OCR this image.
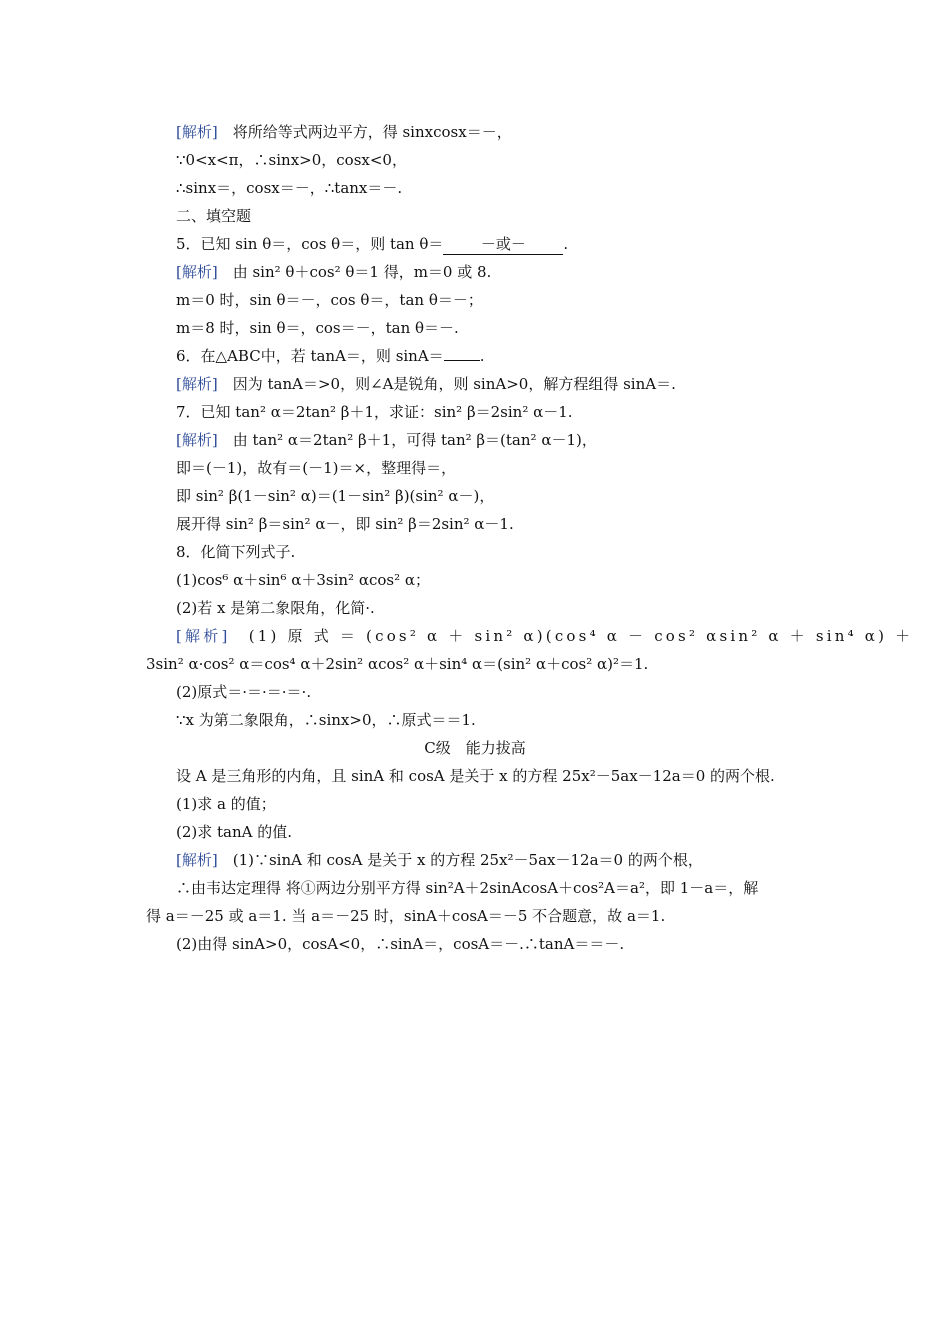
[解析]　将所给等式两边平方，得 sinxcosx＝－，
∵0<x<π，∴sinx>0，cosx<0，
∴sinx＝，cosx＝－，∴tanx＝－.
二、填空题
5．已知 sin θ＝，cos θ＝，则 tan θ＝ －或－	.
[解析]　由 sin² θ＋cos² θ＝1 得，m＝0 或 8.
m＝0 时，sin θ＝－，cos θ＝，tan θ＝－；
m＝8 时，sin θ＝，cos＝－，tan θ＝－.
6．在△ABC中，若 tanA＝，则 sinA＝ .
[解析]　因为 tanA＝>0，则∠A是锐角，则 sinA>0，解方程组得 sinA＝.
7．已知 tan² α＝2tan² β＋1，求证：sin² β＝2sin² α－1.
[解析]　由 tan² α＝2tan² β＋1，可得 tan² β＝(tan² α－1)，
即＝(－1)，故有＝(－1)＝×，整理得＝，
即 sin² β(1－sin² α)＝(1－sin² β)(sin² α－)，
展开得 sin² β＝sin² α－，即 sin² β＝2sin² α－1.
8．化简下列式子.
(1)cos⁶ α＋sin⁶ α＋3sin² αcos² α；
(2)若 x 是第二象限角，化简·.
[解析]　(1) 原 式 ＝ (cos² α ＋ sin² α)(cos⁴ α － cos² αsin² α ＋ sin⁴ α) ＋
3sin² α·cos² α＝cos⁴ α＋2sin² αcos² α＋sin⁴ α＝(sin² α＋cos² α)²＝1.
(2)原式＝·＝·＝·＝·.
∵x 为第二象限角，∴sinx>0，∴原式＝＝1.
C级　能力拔高
设 A 是三角形的内角，且 sinA 和 cosA 是关于 x 的方程 25x²－5ax－12a＝0 的两个根.
(1)求 a 的值；
(2)求 tanA 的值.
[解析]　(1)∵sinA 和 cosA 是关于 x 的方程 25x²－5ax－12a＝0 的两个根，
∴由韦达定理得 将①两边分别平方得 sin²A＋2sinAcosA＋cos²A＝a²，即 1－a＝，解
得 a＝－25 或 a＝1. 当 a＝－25 时，sinA＋cosA＝－5 不合题意，故 a＝1.
(2)由得 sinA>0，cosA<0，∴sinA＝，cosA＝－.∴tanA＝＝－.
